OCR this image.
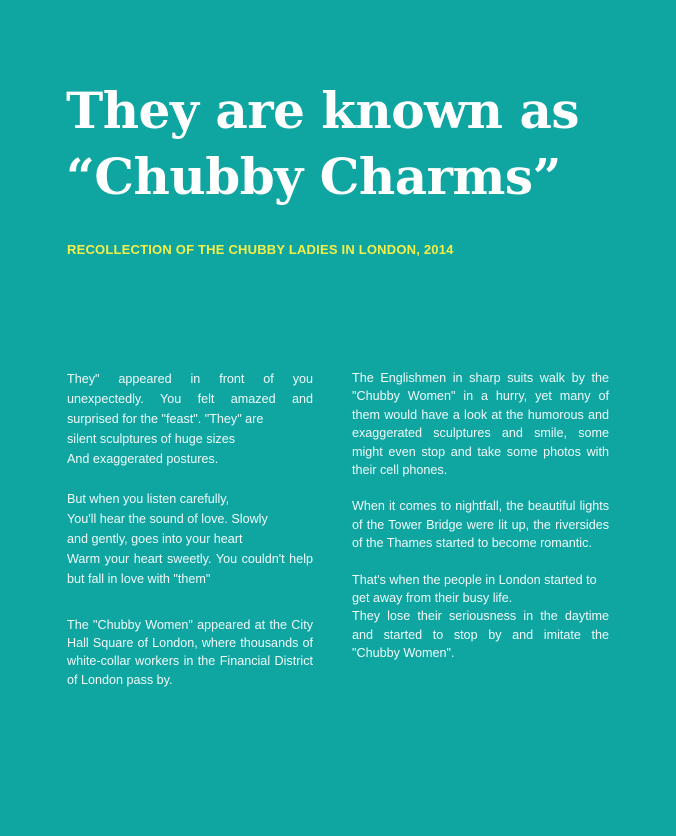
They are known as
“Chubby Charms”
RECOLLECTION OF THE CHUBBY LADIES IN LONDON, 2014

They" appeared in front of you unexpectedly. You felt amazed and surprised for the "feast". "They" are

silent sculptures of huge sizes

And exaggerated postures.

But when you listen carefully,

You'll hear the sound of love. Slowly

and gently, goes into your heart

Warm your heart sweetly. You couldn't help but fall in love with "them"

The "Chubby Women" appeared at the City Hall Square of London, where thousands of white-collar workers in the Financial District of London pass by.

The Englishmen in sharp suits walk by the "Chubby Women" in a hurry, yet many of them would have a look at the humorous and exaggerated sculptures and smile, some might even stop and take some photos with their cell phones.

When it comes to nightfall, the beautiful lights of the Tower Bridge were lit up, the riversides of the Thames started to become romantic.

That's when the people in London started to get away from their busy life.

They lose their seriousness in the daytime and started to stop by and imitate the "Chubby Women".
